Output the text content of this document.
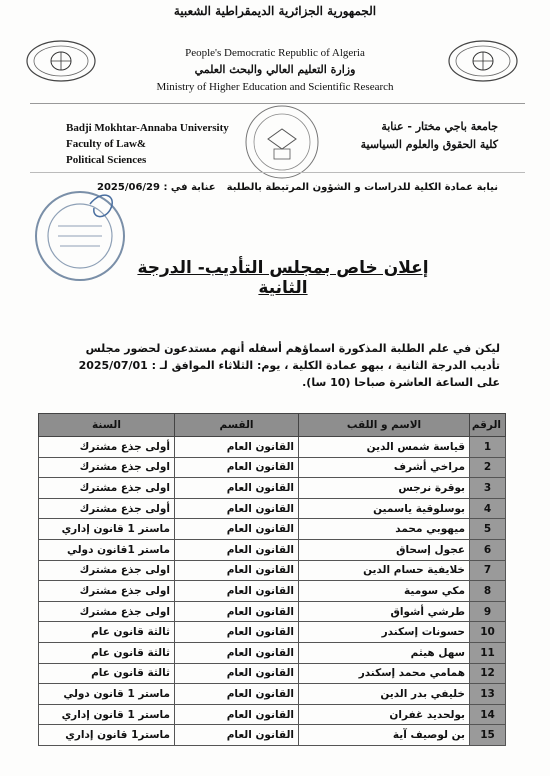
الجمهورية الجزائرية الديمقراطية الشعبية
People's Democratic Republic of Algeria
وزارة التعليم العالي والبحث العلمي
Ministry of Higher Education and Scientific Research
Badji Mokhtar-Annaba University
Faculty of Law&
Political Sciences
جامعة باجي مختار - عنابة
كلية الحقوق والعلوم السياسية
نيابة عمادة الكلية للدراسات و الشؤون المرتبطة بالطلبة
عنابة في : 2025/06/29
إعلان خاص بمجلس التأديب- الدرجة الثانية
ليكن في علم الطلبة المذكورة اسماؤهم أسفله أنهم مستدعون لحضور مجلس تأديب الدرجة الثانية ، ببهو عمادة الكلية ، يوم: الثلاثاء الموافق لـ : 2025/07/01 على الساعة العاشرة صباحا (10 سا).
الرقم	الاسم و اللقب	القسم	السنة
1	قياسة شمس الدين	القانون العام	أولى جذع مشترك
2	مراخي أشرف	القانون العام	اولى جذع مشترك
3	بوقرة نرجس	القانون العام	اولى جذع مشترك
4	بوسلوقية ياسمين	القانون العام	أولى جذع مشترك
5	ميهوبي محمد	القانون العام	ماستر 1 قانون إداري
6	عجول إسحاق	القانون العام	ماستر 1قانون دولي
7	خلايفية حسام الدين	القانون العام	اولى جذع مشترك
8	مكي سومية	القانون العام	اولى جذع مشترك
9	طرشي أشواق	القانون العام	اولى جذع مشترك
10	حسونات إسكندر	القانون العام	ثالثة قانون عام
11	سهل هيثم	القانون العام	ثالثة قانون عام
12	همامي محمد إسكندر	القانون العام	ثالثة قانون عام
13	خليفي بدر الدين	القانون العام	ماستر 1 قانون دولي
14	بولحديد غفران	القانون العام	ماستر 1 قانون إداري
15	بن لوصيف آية	القانون العام	ماستر1 قانون إداري
